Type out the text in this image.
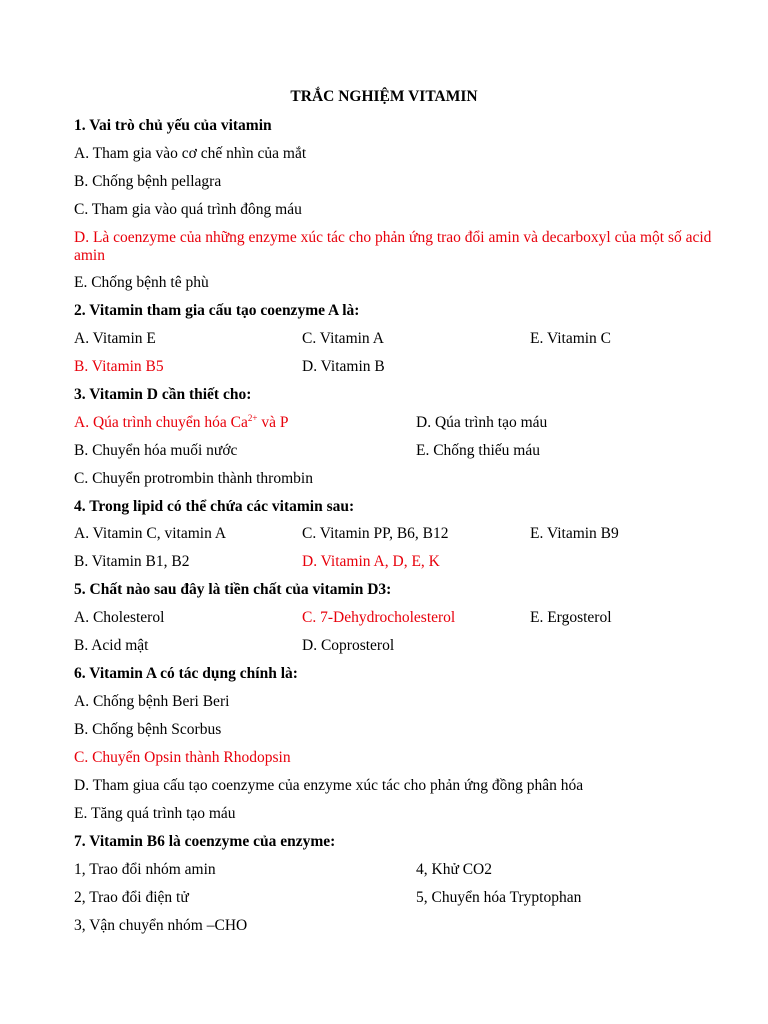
TRẮC NGHIỆM VITAMIN
1. Vai trò chủ yếu của vitamin
A. Tham gia vào cơ chế nhìn của mắt
B. Chống bệnh pellagra
C. Tham gia vào quá trình đông máu
D. Là coenzyme của những enzyme xúc tác cho phản ứng trao đổi amin và decarboxyl của một số acid amin
E. Chống bệnh tê phù
2. Vitamin tham gia cấu tạo coenzyme A là:
A. Vitamin E	C. Vitamin A	E. Vitamin C
B. Vitamin B5	D. Vitamin B
3. Vitamin D cần thiết cho:
A. Qúa trình chuyển hóa $Ca^{2+}$ và P	D. Qúa trình tạo máu
B. Chuyển hóa muối nước	E. Chống thiếu máu
C. Chuyển protrombin thành thrombin
4. Trong lipid có thể chứa các vitamin sau:
A. Vitamin C, vitamin A	C. Vitamin PP, B6, B12	E. Vitamin B9
B. Vitamin B1, B2	D. Vitamin A, D, E, K
5. Chất nào sau đây là tiền chất của vitamin D3:
A. Cholesterol	C. 7-Dehydrocholesterol	E. Ergosterol
B. Acid mật	D. Coprosterol
6. Vitamin A có tác dụng chính là:
A. Chống bệnh Beri Beri
B. Chống bệnh Scorbus
C. Chuyển Opsin thành Rhodopsin
D. Tham giua cấu tạo coenzyme của enzyme xúc tác cho phản ứng đồng phân hóa
E. Tăng quá trình tạo máu
7. Vitamin B6 là coenzyme của enzyme:
1, Trao đổi nhóm amin	4, Khử CO2
2, Trao đổi điện tử	5, Chuyển hóa Tryptophan
3, Vận chuyển nhóm –CHO
